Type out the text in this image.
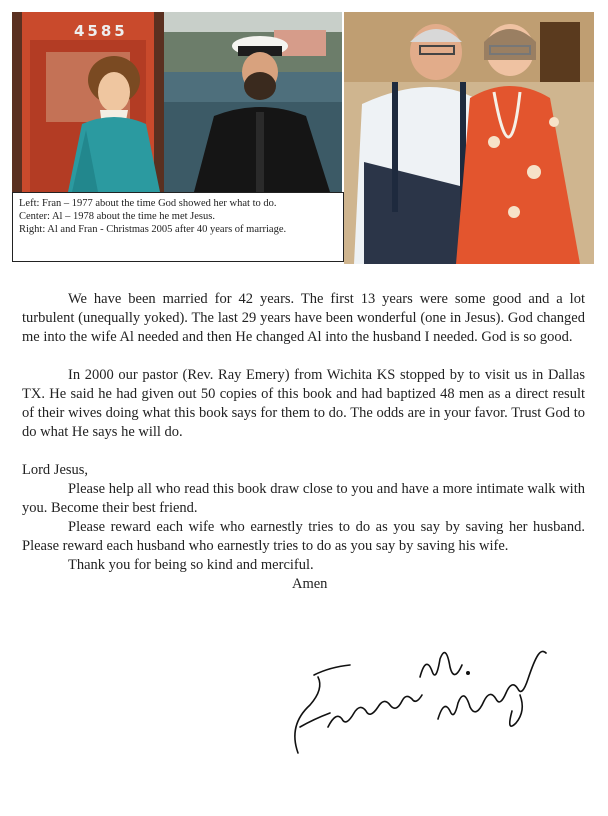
4585
Left: Fran – 1977 about the time God showed her what to do.
Center: Al – 1978 about the time he met Jesus.
Right: Al and Fran - Christmas 2005 after 40 years of marriage.

We have been married for 42 years. The first 13 years were some good and a lot turbulent (unequally yoked). The last 29 years have been wonderful (one in Jesus). God changed me into the wife Al needed and then He changed Al into the husband I needed. God is so good.

In 2000 our pastor (Rev. Ray Emery) from Wichita KS stopped by to visit us in Dallas TX. He said he had given out 50 copies of this book and had baptized 48 men as a direct result of their wives doing what this book says for them to do. The odds are in your favor. Trust God to do what He says he will do.

Lord Jesus,

Please help all who read this book draw close to you and have a more intimate walk with you. Become their best friend.

Please reward each wife who earnestly tries to do as you say by saving her husband. Please reward each husband who earnestly tries to do as you say by saving his wife.

Thank you for being so kind and merciful.

Amen
